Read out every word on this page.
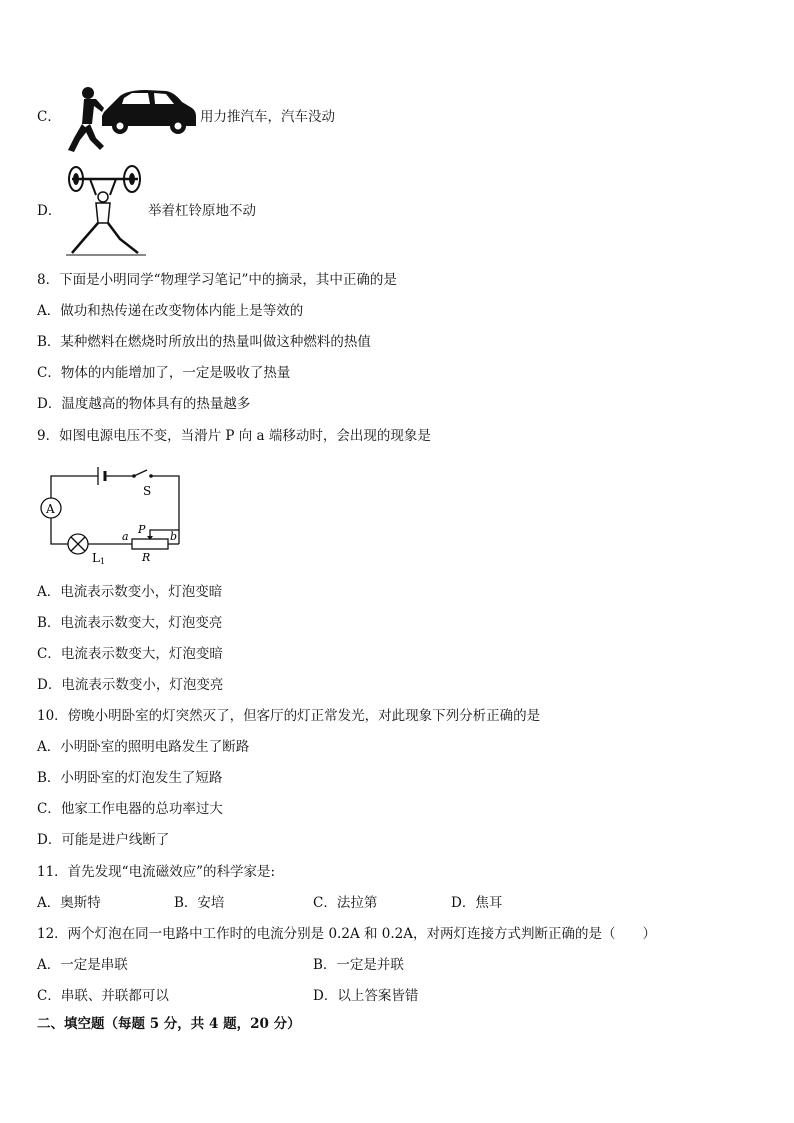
C．	用力推汽车，汽车没动
D．	举着杠铃原地不动
8．下面是小明同学“物理学习笔记”中的摘录，其中正确的是
A．做功和热传递在改变物体内能上是等效的
B．某种燃料在燃烧时所放出的热量叫做这种燃料的热值
C．物体的内能增加了，一定是吸收了热量
D．温度越高的物体具有的热量越多
9．如图电源电压不变，当滑片 P 向 a 端移动时，会出现的现象是
A
S
L 1
P
a	b
R
A．电流表示数变小，灯泡变暗
B．电流表示数变大，灯泡变亮
C．电流表示数变大，灯泡变暗
D．电流表示数变小，灯泡变亮
10．傍晚小明卧室的灯突然灭了，但客厅的灯正常发光，对此现象下列分析正确的是
A．小明卧室的照明电路发生了断路
B．小明卧室的灯泡发生了短路
C．他家工作电器的总功率过大
D．可能是进户线断了
11．首先发现“电流磁效应”的科学家是:
A．奥斯特	B．安培	C．法拉第	D．焦耳
12．两个灯泡在同一电路中工作时的电流分别是 0.2A 和 0.2A，对两灯连接方式判断正确的是（　　）
A．一定是串联	B．一定是并联
C．串联、并联都可以	D．以上答案皆错
二、填空题（每题 5 分，共 4 题，20 分）
